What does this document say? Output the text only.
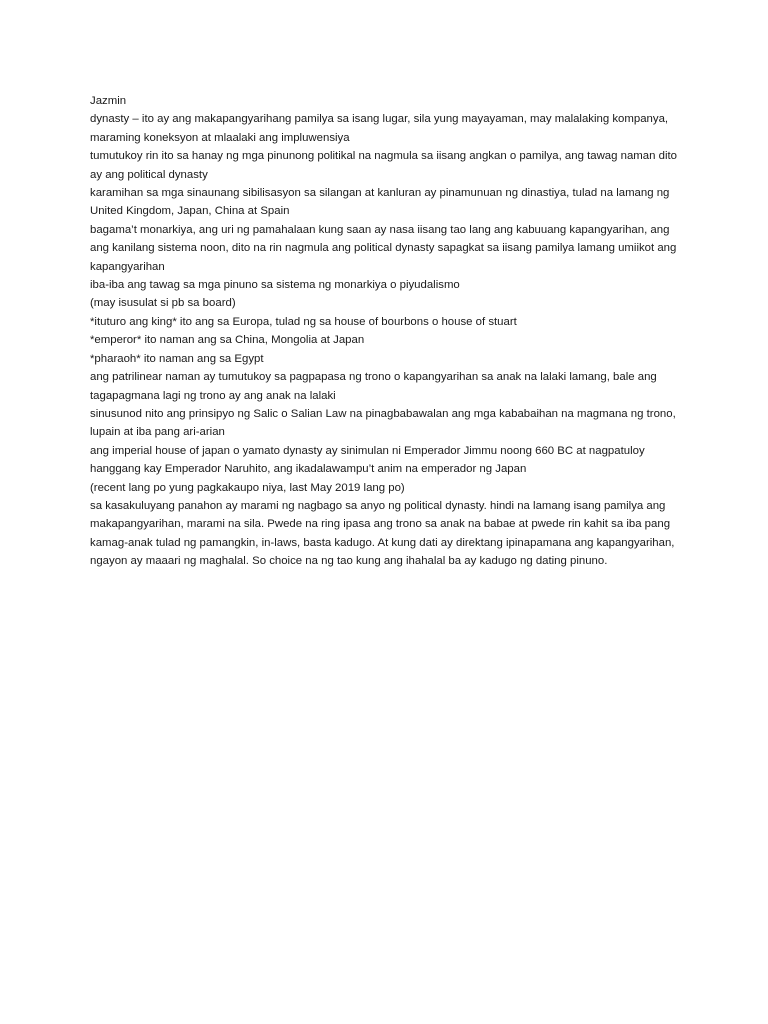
Jazmin

dynasty – ito ay ang makapangyarihang pamilya sa isang lugar, sila yung mayayaman, may malalaking kompanya, maraming koneksyon at mlaalaki ang impluwensiya

tumutukoy rin ito sa hanay ng mga pinunong politikal na nagmula sa iisang angkan o pamilya, ang tawag naman dito ay ang political dynasty

karamihan sa mga sinaunang sibilisasyon sa silangan at kanluran ay pinamunuan ng dinastiya, tulad na lamang ng United Kingdom, Japan, China at Spain

bagama’t monarkiya, ang uri ng pamahalaan kung saan ay nasa iisang tao lang ang kabuuang kapangyarihan, ang ang kanilang sistema noon, dito na rin nagmula ang political dynasty sapagkat sa iisang pamilya lamang umiikot ang kapangyarihan

iba-iba ang tawag sa mga pinuno sa sistema ng monarkiya o piyudalismo

(may isusulat si pb sa board)

*ituturo ang king* ito ang sa Europa, tulad ng sa house of bourbons o house of stuart

*emperor* ito naman ang sa China, Mongolia at Japan

*pharaoh* ito naman ang sa Egypt

ang patrilinear naman ay tumutukoy sa pagpapasa ng trono o kapangyarihan sa anak na lalaki lamang, bale ang tagapagmana lagi ng trono ay ang anak na lalaki

sinusunod nito ang prinsipyo ng Salic o Salian Law na pinagbabawalan ang mga kababaihan na magmana ng trono, lupain at iba pang ari-arian

ang imperial house of japan o yamato dynasty ay sinimulan ni Emperador Jimmu noong 660 BC at nagpatuloy hanggang kay Emperador Naruhito, ang ikadalawampu’t anim na emperador ng Japan

(recent lang po yung pagkakaupo niya, last May 2019 lang po)

sa kasakuluyang panahon ay marami ng nagbago sa anyo ng political dynasty. hindi na lamang isang pamilya ang makapangyarihan, marami na sila. Pwede na ring ipasa ang trono sa anak na babae at pwede rin kahit sa iba pang kamag-anak tulad ng pamangkin, in-laws, basta kadugo. At kung dati ay direktang ipinapamana ang kapangyarihan, ngayon ay maaari ng maghalal. So choice na ng tao kung ang ihahalal ba ay kadugo ng dating pinuno.
